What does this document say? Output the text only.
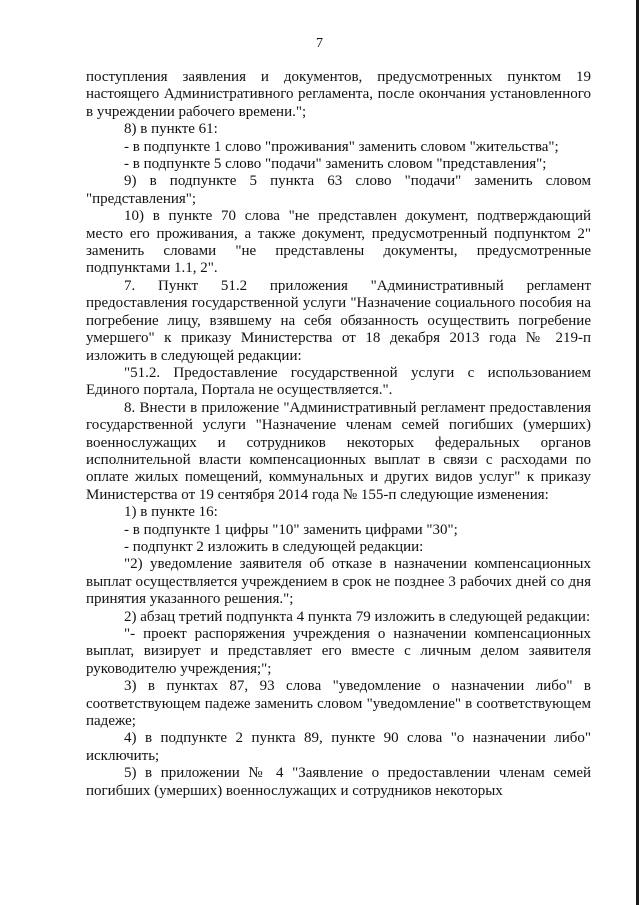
7

поступления заявления и документов, предусмотренных пунктом 19 настоящего Административного регламента, после окончания установленного в учреждении рабочего времени.";

8) в пункте 61:

- в подпункте 1 слово "проживания" заменить словом "жительства";

- в подпункте 5 слово "подачи" заменить словом "представления";

9) в подпункте 5 пункта 63 слово "подачи" заменить словом "представления";

10) в пункте 70 слова "не представлен документ, подтверждающий место его проживания, а также документ, предусмотренный подпунктом 2" заменить словами "не представлены документы, предусмотренные подпунктами 1.1, 2".

7. Пункт 51.2 приложения "Административный регламент предоставления государственной услуги "Назначение социального пособия на погребение лицу, взявшему на себя обязанность осуществить погребение умершего" к приказу Министерства от 18 декабря 2013 года № 219-п изложить в следующей редакции:

"51.2. Предоставление государственной услуги с использованием Единого портала, Портала не осуществляется.".

8. Внести в приложение "Административный регламент предоставления государственной услуги "Назначение членам семей погибших (умерших) военнослужащих и сотрудников некоторых федеральных органов исполнительной власти компенсационных выплат в связи с расходами по оплате жилых помещений, коммунальных и других видов услуг" к приказу Министерства от 19 сентября 2014 года № 155-п следующие изменения:

1) в пункте 16:

- в подпункте 1 цифры "10" заменить цифрами "30";

- подпункт 2 изложить в следующей редакции:

"2) уведомление заявителя об отказе в назначении компенсационных выплат осуществляется учреждением в срок не позднее 3 рабочих дней со дня принятия указанного решения.";

2) абзац третий подпункта 4 пункта 79 изложить в следующей редакции:

"- проект распоряжения учреждения о назначении компенсационных выплат, визирует и представляет его вместе с личным делом заявителя руководителю учреждения;";

3) в пунктах 87, 93 слова "уведомление о назначении либо" в соответствующем падеже заменить словом "уведомление" в соответствующем падеже;

4) в подпункте 2 пункта 89, пункте 90 слова "о назначении либо" исключить;

5) в приложении № 4 "Заявление о предоставлении членам семей погибших (умерших) военнослужащих и сотрудников некоторых
